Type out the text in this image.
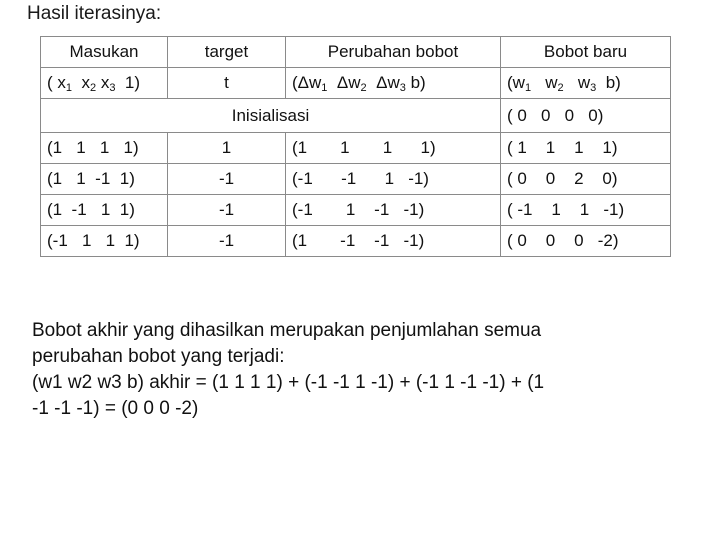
Hasil iterasinya:
Masukan	target	Perubahan bobot	Bobot baru
( $x_1$ $x_2$ $x_3$ 1)	t	($\Delta w_1$ $\Delta w_2$ $\Delta w_3$ b)	($w_1$ $w_2$ $w_3$ b)
Inisialisasi			( 0   0   0   0)
(1   1   1   1)	1	(1       1       1      1)	( 1    1    1    1)
(1   1  -1  1)	-1	(-1      -1      1   -1)	( 0    0    2    0)
(1  -1   1  1)	-1	(-1       1    -1   -1)	( -1    1    1   -1)
(-1   1   1  1)	-1	(1       -1    -1   -1)	( 0    0    0   -2)
Bobot akhir yang dihasilkan merupakan penjumlahan semua
perubahan bobot yang terjadi:
(w1 w2 w3 b) akhir = (1 1 1 1) + (-1 -1 1 -1) + (-1 1 -1 -1) + (1
-1 -1 -1) = (0 0 0 -2)
